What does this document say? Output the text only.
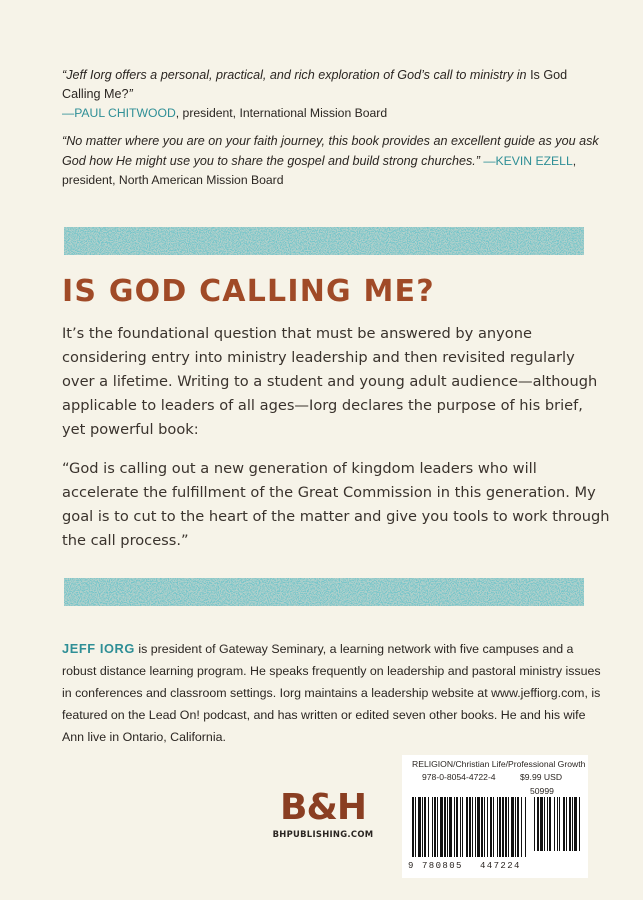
“Jeff Iorg offers a personal, practical, and rich exploration of God’s call to ministry in Is God Calling Me?”
—PAUL CHITWOOD, president, International Mission Board
“No matter where you are on your faith journey, this book provides an excellent guide as you ask God how He might use you to share the gospel and build strong churches.” —KEVIN EZELL, president, North American Mission Board
IS GOD CALLING ME?

It’s the foundational question that must be answered by anyone considering entry into ministry leadership and then revisited regularly over a lifetime. Writing to a student and young adult audience—although applicable to leaders of all ages—Iorg declares the purpose of his brief, yet powerful book:

“God is calling out a new generation of kingdom leaders who will accelerate the fulfillment of the Great Commission in this generation. My goal is to cut to the heart of the matter and give you tools to work through the call process.”

JEFF IORG is president of Gateway Seminary, a learning network with five campuses and a robust distance learning program. He speaks frequently on leadership and pastoral ministry issues in conferences and classroom settings. Iorg maintains a leadership website at www.jeffiorg.com, is featured on the Lead On! podcast, and has written or edited seven other books. He and his wife Ann live in Ontario, California.

B&H
BHPUBLISHING.COM
RELIGION/Christian Life/Professional Growth
978-0-8054-4722-4	$9.99 USD
50999
9 780805	447224
